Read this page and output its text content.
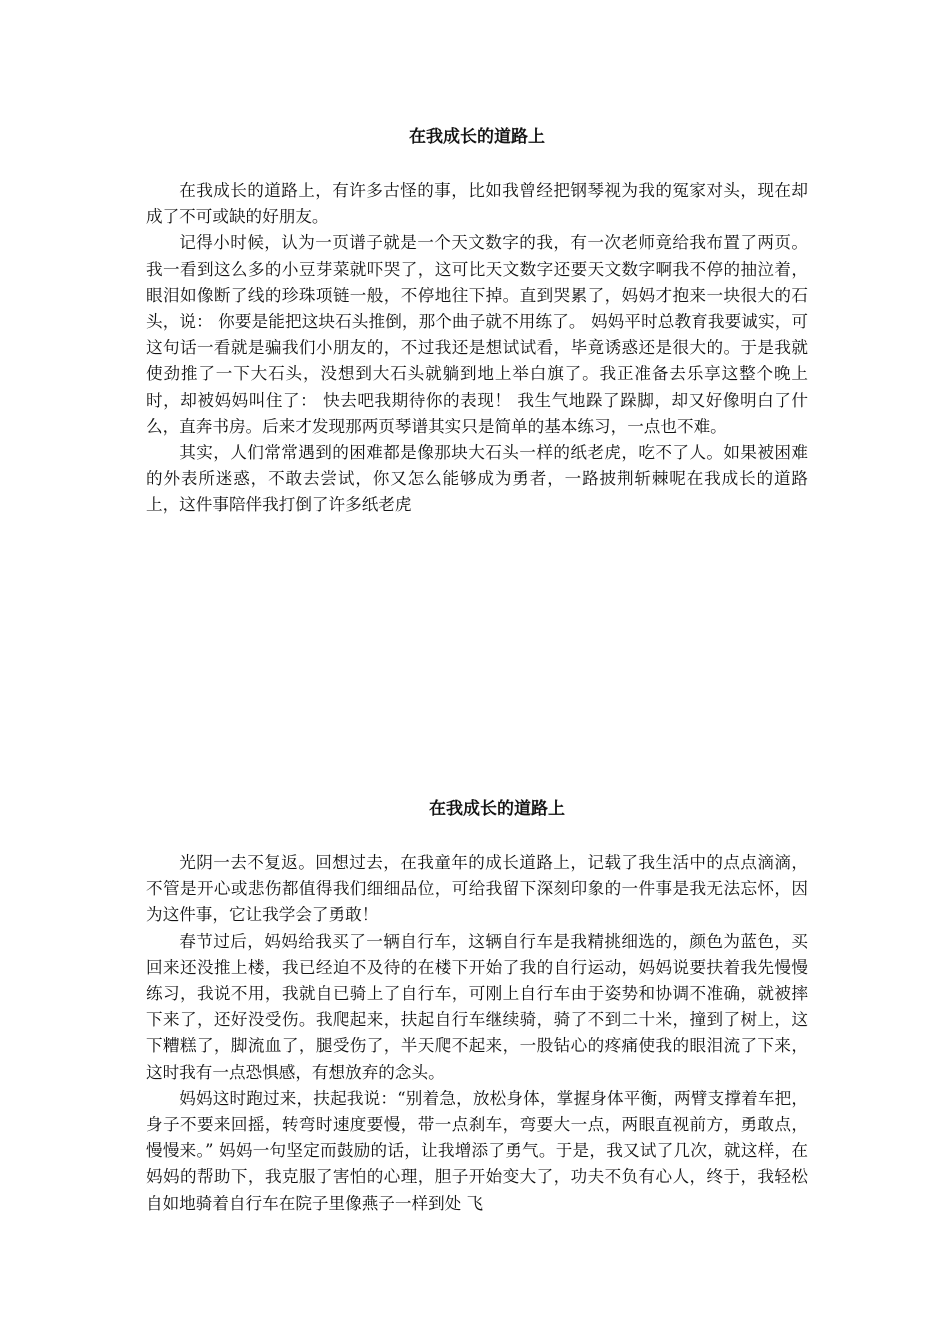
在我成长的道路上

在我成长的道路上，有许多古怪的事，比如我曾经把钢琴视为我的冤家对头，现在却成了不可或缺的好朋友。

记得小时候，认为一页谱子就是一个天文数字的我，有一次老师竟给我布置了两页。我一看到这么多的小豆芽菜就吓哭了，这可比天文数字还要天文数字啊我不停的抽泣着，眼泪如像断了线的珍珠项链一般，不停地往下掉。直到哭累了，妈妈才抱来一块很大的石头，说： 你要是能把这块石头推倒，那个曲子就不用练了。 妈妈平时总教育我要诚实，可这句话一看就是骗我们小朋友的，不过我还是想试试看，毕竟诱惑还是很大的。于是我就使劲推了一下大石头，没想到大石头就躺到地上举白旗了。我正准备去乐享这整个晚上时，却被妈妈叫住了： 快去吧我期待你的表现！ 我生气地跺了跺脚，却又好像明白了什么，直奔书房。后来才发现那两页琴谱其实只是简单的基本练习，一点也不难。

其实，人们常常遇到的困难都是像那块大石头一样的纸老虎，吃不了人。如果被困难的外表所迷惑，不敢去尝试，你又怎么能够成为勇者，一路披荆斩棘呢在我成长的道路上，这件事陪伴我打倒了许多纸老虎

在我成长的道路上

光阴一去不复返。回想过去，在我童年的成长道路上，记载了我生活中的点点滴滴，不管是开心或悲伤都值得我们细细品位，可给我留下深刻印象的一件事是我无法忘怀，因为这件事，它让我学会了勇敢！

春节过后，妈妈给我买了一辆自行车，这辆自行车是我精挑细选的，颜色为蓝色，买回来还没推上楼，我已经迫不及待的在楼下开始了我的自行运动，妈妈说要扶着我先慢慢练习，我说不用，我就自已骑上了自行车，可刚上自行车由于姿势和协调不准确，就被摔下来了，还好没受伤。我爬起来，扶起自行车继续骑，骑了不到二十米，撞到了树上，这下糟糕了，脚流血了，腿受伤了，半天爬不起来，一股钻心的疼痛使我的眼泪流了下来，这时我有一点恐惧感，有想放弃的念头。

妈妈这时跑过来，扶起我说：“别着急，放松身体，掌握身体平衡，两臂支撑着车把，身子不要来回摇，转弯时速度要慢，带一点刹车，弯要大一点，两眼直视前方，勇敢点，慢慢来。” 妈妈一句坚定而鼓励的话，让我增添了勇气。于是，我又试了几次，就这样，在妈妈的帮助下，我克服了害怕的心理，胆子开始变大了，功夫不负有心人，终于，我轻松自如地骑着自行车在院子里像燕子一样到处 飞
